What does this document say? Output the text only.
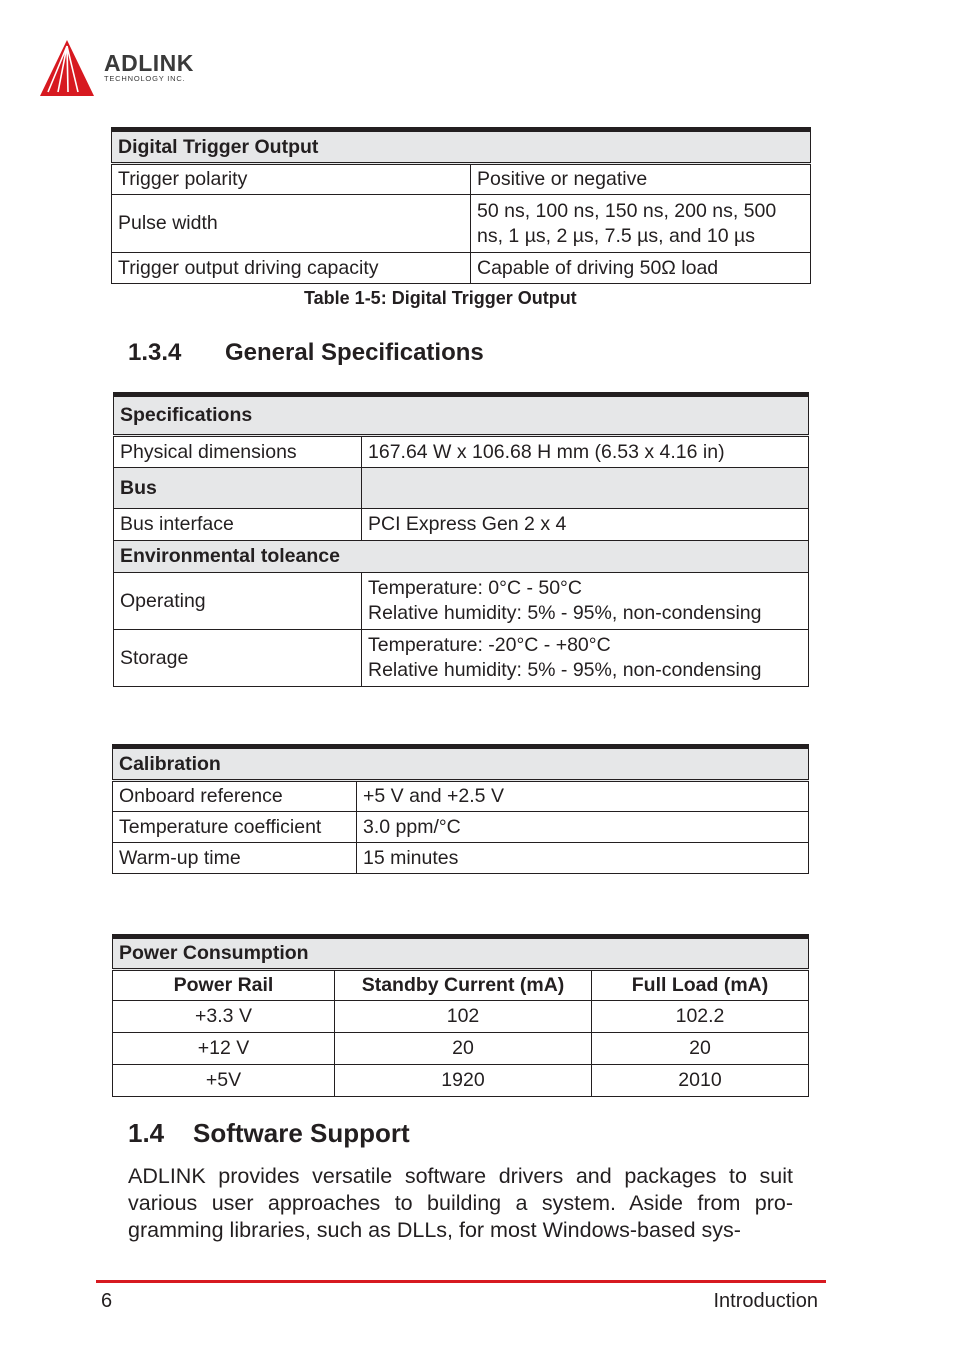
ADLINK
TECHNOLOGY INC.
Digital Trigger Output	
Trigger polarity	Positive or negative
Pulse width	50 ns, 100 ns, 150 ns, 200 ns, 500
ns, 1 µs, 2 µs, 7.5 µs, and 10 µs

Trigger output driving capacity	Capable of driving 50Ω load
Table 1-5: Digital Trigger Output
1.3.4 General Specifications
Specifications	
Physical dimensions	167.64 W x 106.68 H mm (6.53 x 4.16 in)
Bus	
Bus interface	PCI Express Gen 2 x 4
Environmental toleance	
Operating	Temperature: 0°C - 50°C
Relative humidity: 5% - 95%, non-condensing

Storage	Temperature: -20°C - +80°C
Relative humidity: 5% - 95%, non-condensing
Calibration	
Onboard reference	+5 V and +2.5 V
Temperature coefficient	3.0 ppm/°C
Warm-up time	15 minutes
Power Consumption		
Power Rail	Standby Current (mA)	Full Load (mA)
+3.3 V	102	102.2
+12 V	20	20
+5V	1920	2010
1.4 Software Support
ADLINK provides versatile software drivers and packages to suit various user approaches to building a system. Aside from pro-gramming libraries, such as DLLs, for most Windows-based sys-
6	Introduction
